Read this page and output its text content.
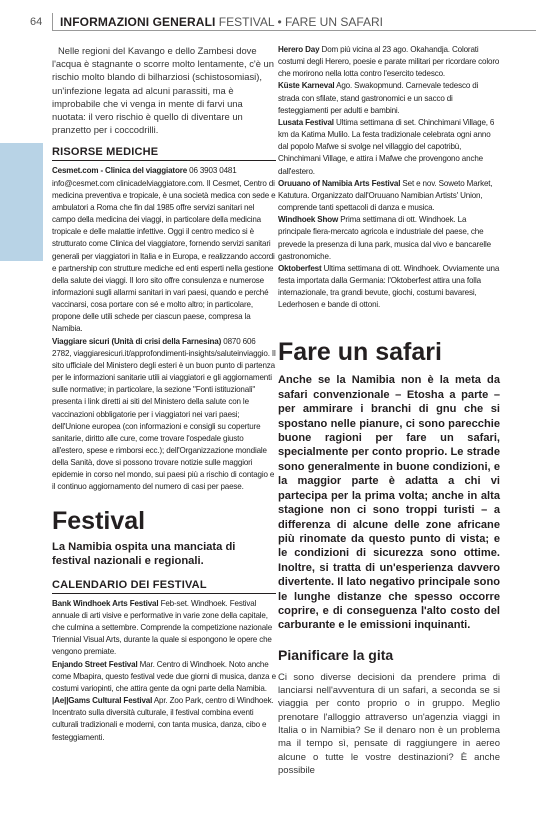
64 INFORMAZIONI GENERALI FESTIVAL • FARE UN SAFARI

Nelle regioni del Kavango e dello Zambesi dove l'acqua è stagnante o scorre molto lentamente, c'è un rischio molto blando di bilharziosi (schistosomiasi), un'infezione legata ad alcuni parassiti, ma è improbabile che vi venga in mente di farvi una nuotata: il vero rischio è quello di diventare un pranzetto per i coccodrilli.

RISORSE MEDICHE

Cesmet.com - Clinica del viaggiatore 06 3903 0481 info@cesmet.com clinicadelviaggiatore.com. Il Cesmet, Centro di medicina preventiva e tropicale, è una società medica con sede e ambulatori a Roma che fin dal 1985 offre servizi sanitari nel campo della medicina dei viaggi, in particolare della medicina tropicale e delle malattie infettive. Oggi il centro medico si è strutturato come Clinica del viaggiatore, fornendo servizi sanitari generali per viaggiatori in Italia e in Europa, e realizzando accordi e partnership con strutture mediche ed enti esperti nella gestione della salute dei viaggi. Il loro sito offre consulenza e numerose informazioni sugli allarmi sanitari in vari paesi, quando e perché vaccinarsi, cosa portare con sé e molto altro; in particolare, propone delle utili schede per ciascun paese, compresa la Namibia.

Viaggiare sicuri (Unità di crisi della Farnesina) 0870 606 2782, viaggiaresicuri.it/approfondimenti-insights/saluteinviaggio. Il sito ufficiale del Ministero degli esteri è un buon punto di partenza per le informazioni sanitarie utili ai viaggiatori e gli aggiornamenti sulle normative; in particolare, la sezione "Fonti istituzionali" presenta i link diretti ai siti del Ministero della salute con le vaccinazioni obbligatorie per i viaggiatori nei vari paesi; dell'Unione europea (con informazioni e consigli su coperture sanitarie, diritto alle cure, come trovare l'ospedale giusto all'estero, spese e rimborsi ecc.); dell'Organizzazione mondiale della Sanità, dove si possono trovare notizie sulle maggiori epidemie in corso nel mondo, sui paesi più a rischio di contagio e il continuo aggiornamento del numero di casi per paese.

Festival

La Namibia ospita una manciata di festival nazionali e regionali.

CALENDARIO DEI FESTIVAL

Bank Windhoek Arts Festival Feb-set. Windhoek. Festival annuale di arti visive e performative in varie zone della capitale, che culmina a settembre. Comprende la competizione nazionale Triennial Visual Arts, durante la quale si espongono le opere che vengono premiate.

Enjando Street Festival Mar. Centro di Windhoek. Noto anche come Mbapira, questo festival vede due giorni di musica, danza e costumi variopinti, che attira gente da ogni parte della Namibia.

|Ae||Gams Cultural Festival Apr. Zoo Park, centro di Windhoek. Incentrato sulla diversità culturale, il festival combina eventi culturali tradizionali e moderni, con tanta musica, danza, cibo e festeggiamenti.

Herero Day Dom più vicina al 23 ago. Okahandja. Colorati costumi degli Herero, poesie e parate militari per ricordare coloro che morirono nella lotta contro l'esercito tedesco.

Küste Karneval Ago. Swakopmund. Carnevale tedesco di strada con sfilate, stand gastronomici e un sacco di festeggiamenti per adulti e bambini.

Lusata Festival Ultima settimana di set. Chinchimani Village, 6 km da Katima Mulilo. La festa tradizionale celebrata ogni anno dal popolo Mafwe si svolge nel villaggio del capotribù, Chinchimani Village, e attira i Mafwe che provengono anche dall'estero.

Oruuano of Namibia Arts Festival Set e nov. Soweto Market, Katutura. Organizzato dall'Oruuano Namibian Artists' Union, comprende tanti spettacoli di danza e musica.

Windhoek Show Prima settimana di ott. Windhoek. La principale fiera-mercato agricola e industriale del paese, che prevede la presenza di luna park, musica dal vivo e bancarelle gastronomiche.

Oktoberfest Ultima settimana di ott. Windhoek. Ovviamente una festa importata dalla Germania: l'Oktoberfest attira una folla internazionale, tra grandi bevute, giochi, costumi bavaresi, Lederhosen e bande di ottoni.

Fare un safari

Anche se la Namibia non è la meta da safari convenzionale – Etosha a parte – per ammirare i branchi di gnu che si spostano nelle pianure, ci sono parecchie buone ragioni per fare un safari, specialmente per conto proprio. Le strade sono generalmente in buone condizioni, e la maggior parte è adatta a chi vi partecipa per la prima volta; anche in alta stagione non ci sono troppi turisti – a differenza di alcune delle zone africane più rinomate da questo punto di vista; e le condizioni di sicurezza sono ottime. Inoltre, si tratta di un'esperienza davvero divertente. Il lato negativo principale sono le lunghe distanze che spesso occorre coprire, e di conseguenza l'alto costo del carburante e le emissioni inquinanti.

Pianificare la gita

Ci sono diverse decisioni da prendere prima di lanciarsi nell'avventura di un safari, a seconda se si viaggia per conto proprio o in gruppo. Meglio prenotare l'alloggio attraverso un'agenzia viaggi in Italia o in Namibia? Se il denaro non è un problema ma il tempo sì, pensate di raggiungere in aereo alcune o tutte le vostre destinazioni? È anche possibile
